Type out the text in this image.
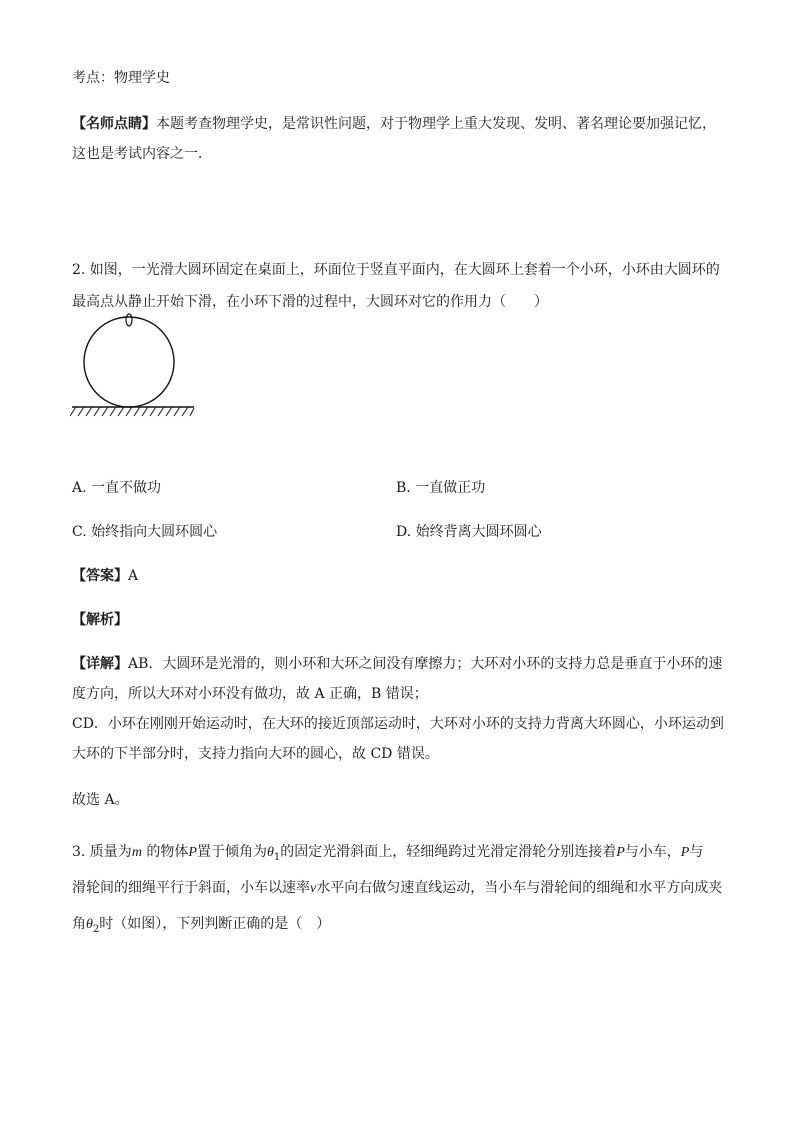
考点：物理学史
【名师点睛】本题考查物理学史，是常识性问题，对于物理学上重大发现、发明、著名理论要加强记忆，
这也是考试内容之一．
2. 如图，一光滑大圆环固定在桌面上，环面位于竖直平面内，在大圆环上套着一个小环，小环由大圆环的
A. 一直不做功	B. 一直做正功
C. 始终指向大圆环圆心	D. 始终背离大圆环圆心
【答案】A
【解析】
【详解】AB．大圆环是光滑的，则小环和大环之间没有摩擦力；大环对小环的支持力总是垂直于小环的速
度方向，所以大环对小环没有做功，故 A 正确，B 错误；
CD．小环在刚刚开始运动时，在大环的接近顶部运动时，大环对小环的支持力背离大环圆心，小环运动到
大环的下半部分时，支持力指向大环的圆心，故 CD 错误。
故选 A。
3. 质量为m 的物体P置于倾角为$\theta_1$的固定光滑斜面上，轻细绳跨过光滑定滑轮分别连接着P与小车，P与
滑轮间的细绳平行于斜面，小车以速率v水平向右做匀速直线运动，当小车与滑轮间的细绳和水平方向成夹
角$\theta_2$时（如图），下列判断正确的是（　）
最高点从静止开始下滑，在小环下滑的过程中，大圆环对它的作用力（　　）
